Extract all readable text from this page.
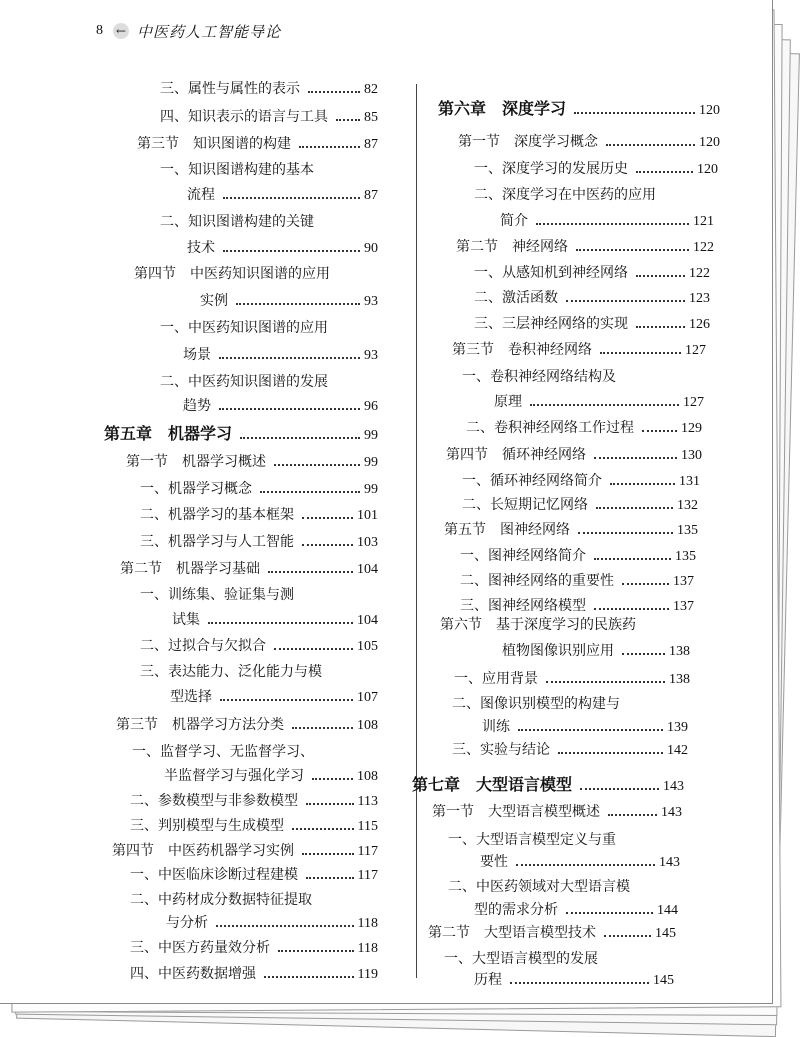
8 ← 中医药人工智能导论
三、属性与属性的表示	82
四、知识表示的语言与工具	85
第三节　知识图谱的构建	87
一、知识图谱构建的基本
流程	87
二、知识图谱构建的关键
技术	90
第四节　中医药知识图谱的应用
实例	93
一、中医药知识图谱的应用
场景	93
二、中医药知识图谱的发展
趋势	96
第五章　机器学习	99
第一节　机器学习概述	99
一、机器学习概念	99
二、机器学习的基本框架	101
三、机器学习与人工智能	103
第二节　机器学习基础	104
一、训练集、验证集与测
试集	104
二、过拟合与欠拟合	105
三、表达能力、泛化能力与模
型选择	107
第三节　机器学习方法分类	108
一、监督学习、无监督学习、
半监督学习与强化学习	108
二、参数模型与非参数模型	113
三、判别模型与生成模型	115
第四节　中医药机器学习实例	117
一、中医临床诊断过程建模	117
二、中药材成分数据特征提取
与分析	118
三、中医方药量效分析	118
四、中医药数据增强	119
第六章　深度学习	120
第一节　深度学习概念	120
一、深度学习的发展历史	120
二、深度学习在中医药的应用
简介	121
第二节　神经网络	122
一、从感知机到神经网络	122
二、激活函数	123
三、三层神经网络的实现	126
第三节　卷积神经网络	127
一、卷积神经网络结构及
原理	127
二、卷积神经网络工作过程	129
第四节　循环神经网络	130
一、循环神经网络简介	131
二、长短期记忆网络	132
第五节　图神经网络	135
一、图神经网络简介	135
二、图神经网络的重要性	137
三、图神经网络模型	137
第六节　基于深度学习的民族药
植物图像识别应用	138
一、应用背景	138
二、图像识别模型的构建与
训练	139
三、实验与结论	142
第七章　大型语言模型	143
第一节　大型语言模型概述	143
一、大型语言模型定义与重
要性	143
二、中医药领域对大型语言模
型的需求分析	144
第二节　大型语言模型技术	145
一、大型语言模型的发展
历程	145
